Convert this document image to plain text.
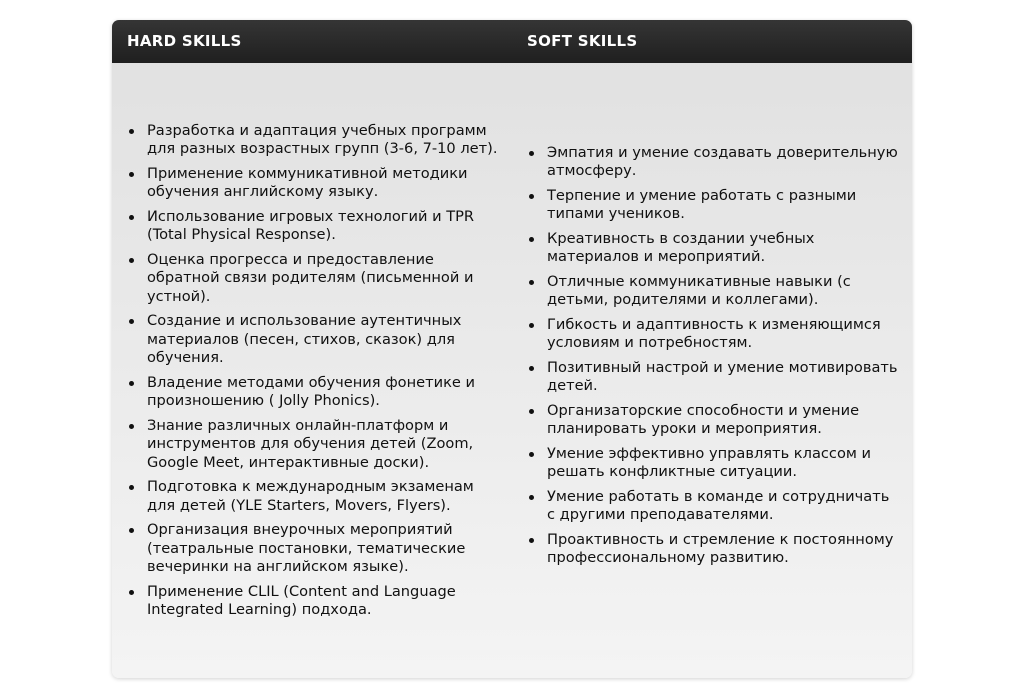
HARD SKILLS	SOFT SKILLS
Разработка и адаптация учебных программ для разных возрастных групп (3-6, 7-10 лет).
Применение коммуникативной методики обучения английскому языку.
Использование игровых технологий и TPR (Total Physical Response).
Оценка прогресса и предоставление обратной связи родителям (письменной и устной).
Создание и использование аутентичных материалов (песен, стихов, сказок) для обучения.
Владение методами обучения фонетике и произношению ( Jolly Phonics).
Знание различных онлайн-платформ и инструментов для обучения детей (Zoom, Google Meet, интерактивные доски).
Подготовка к международным экзаменам для детей (YLE Starters, Movers, Flyers).
Организация внеурочных мероприятий (театральные постановки, тематические вечеринки на английском языке).
Применение CLIL (Content and Language Integrated Learning) подхода.
Эмпатия и умение создавать доверительную атмосферу.
Терпение и умение работать с разными типами учеников.
Креативность в создании учебных материалов и мероприятий.
Отличные коммуникативные навыки (с детьми, родителями и коллегами).
Гибкость и адаптивность к изменяющимся условиям и потребностям.
Позитивный настрой и умение мотивировать детей.
Организаторские способности и умение планировать уроки и мероприятия.
Умение эффективно управлять классом и решать конфликтные ситуации.
Умение работать в команде и сотрудничать с другими преподавателями.
Проактивность и стремление к постоянному профессиональному развитию.
